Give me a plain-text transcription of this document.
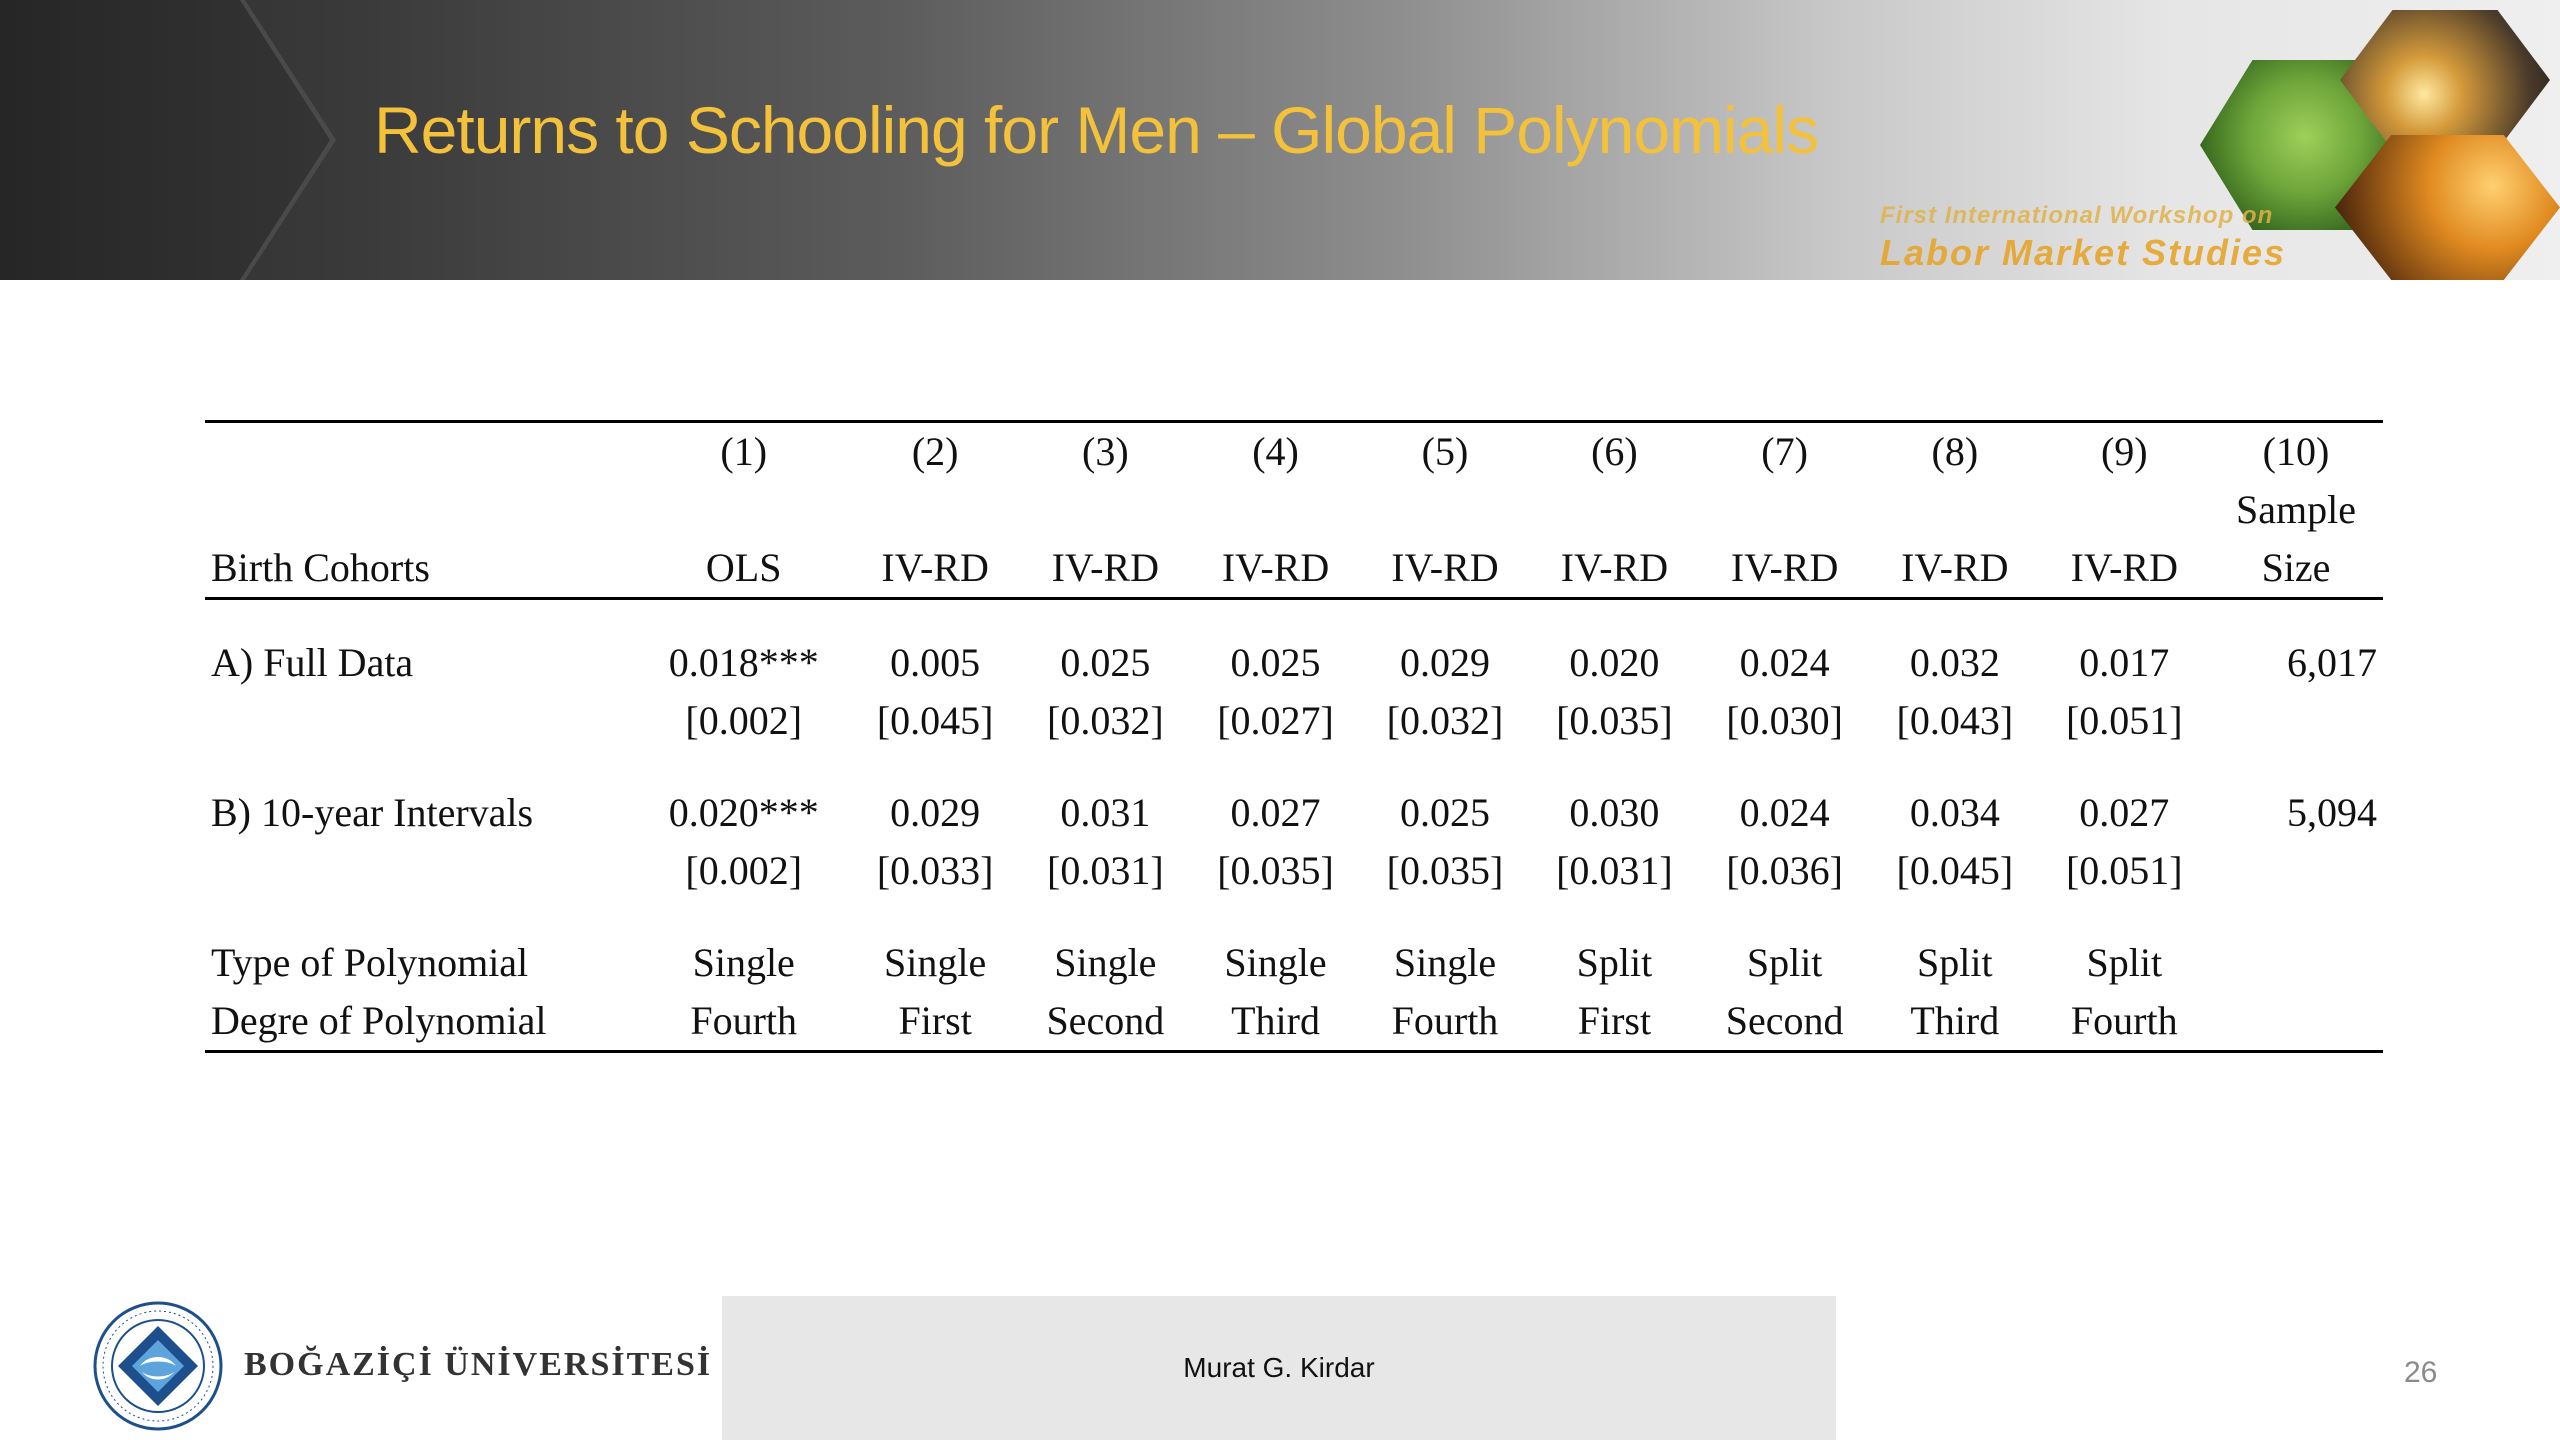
Returns to Schooling for Men – Global Polynomials
First International Workshop on
Labor Market Studies
	(1)	(2)	(3)	(4)	(5)	(6)	(7)	(8)	(9)	(10)
										Sample
Birth Cohorts	OLS	IV-RD	IV-RD	IV-RD	IV-RD	IV-RD	IV-RD	IV-RD	IV-RD	Size

A) Full Data	0.018***	0.005	0.025	0.025	0.029	0.020	0.024	0.032	0.017	6,017
	[0.002]	[0.045]	[0.032]	[0.027]	[0.032]	[0.035]	[0.030]	[0.043]	[0.051]	

B) 10-year Intervals	0.020***	0.029	0.031	0.027	0.025	0.030	0.024	0.034	0.027	5,094
	[0.002]	[0.033]	[0.031]	[0.035]	[0.035]	[0.031]	[0.036]	[0.045]	[0.051]	

Type of Polynomial	Single	Single	Single	Single	Single	Split	Split	Split	Split	
Degre of Polynomial	Fourth	First	Second	Third	Fourth	First	Second	Third	Fourth	
BOĞAZİÇİ ÜNİVERSİTESİ	Murat G. Kirdar	26
